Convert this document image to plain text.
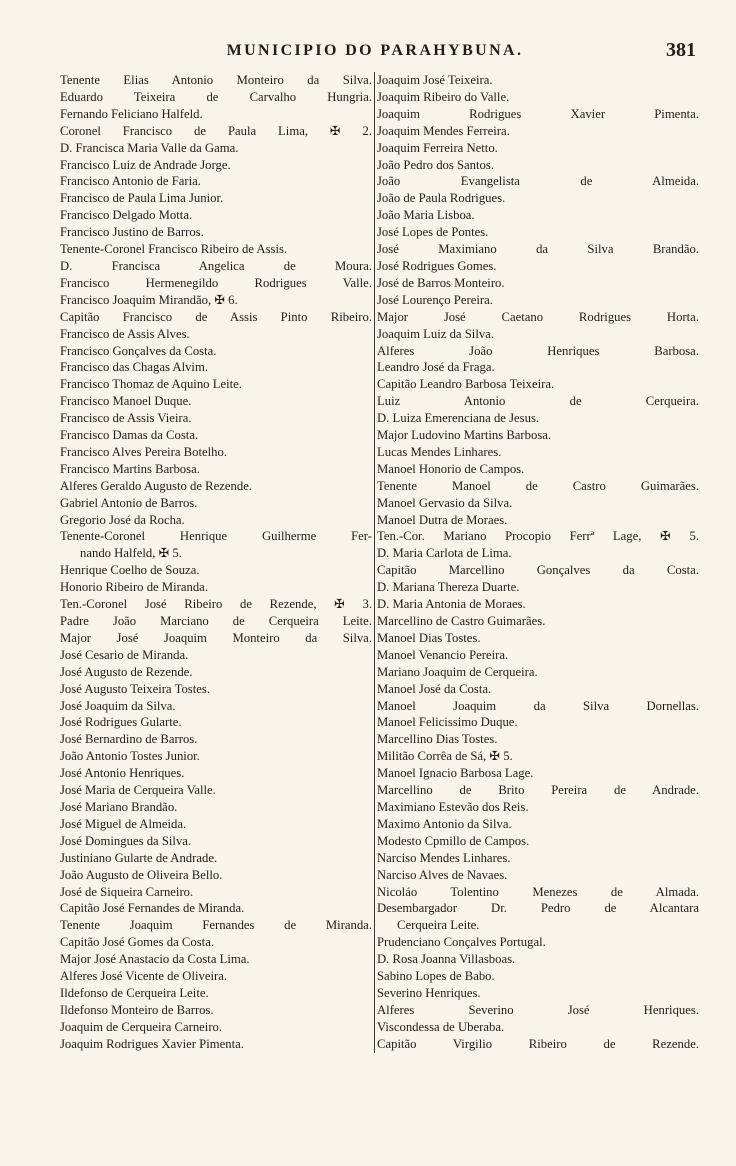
MUNICIPIO DO PARAHYBUNA.	381
Tenente Elias Antonio Monteiro da Silva.
Eduardo Teixeira de Carvalho Hungria.
Fernando Feliciano Halfeld.
Coronel Francisco de Paula Lima, ✠ 2.
D. Francisca Maria Valle da Gama.
Francisco Luiz de Andrade Jorge.
Francisco Antonio de Faria.
Francisco de Paula Lima Junior.
Francisco Delgado Motta.
Francisco Justino de Barros.
Tenente-Coronel Francisco Ribeiro de Assis.
D. Francisca Angelica de Moura.
Francisco Hermenegildo Rodrigues Valle.
Francisco Joaquim Mirandão, ✠ 6.
Capitão Francisco de Assis Pinto Ribeiro.
Francisco de Assis Alves.
Francisco Gonçalves da Costa.
Francisco das Chagas Alvim.
Francisco Thomaz de Aquino Leite.
Francisco Manoel Duque.
Francisco de Assis Vieira.
Francisco Damas da Costa.
Francisco Alves Pereira Botelho.
Francisco Martins Barbosa.
Alferes Geraldo Augusto de Rezende.
Gabriel Antonio de Barros.
Gregorio José da Rocha.
Tenente-Coronel Henrique Guilherme Fer-
nando Halfeld, ✠ 5.
Henrique Coelho de Souza.
Honorio Ribeiro de Miranda.
Ten.-Coronel José Ribeiro de Rezende, ✠ 3.
Padre João Marciano de Cerqueira Leite.
Major José Joaquim Monteiro da Silva.
José Cesario de Miranda.
José Augusto de Rezende.
José Augusto Teixeira Tostes.
José Joaquim da Silva.
José Rodrigues Gularte.
José Bernardino de Barros.
João Antonio Tostes Junior.
José Antonio Henriques.
José Maria de Cerqueira Valle.
José Mariano Brandão.
José Miguel de Almeida.
José Domingues da Silva.
Justiniano Gularte de Andrade.
João Augusto de Oliveira Bello.
José de Siqueira Carneiro.
Capitão José Fernandes de Miranda.
Tenente Joaquim Fernandes de Miranda.
Capitão José Gomes da Costa.
Major José Anastacio da Costa Lima.
Alferes José Vicente de Oliveira.
Ildefonso de Cerqueira Leite.
Ildefonso Monteiro de Barros.
Joaquim de Cerqueira Carneiro.
Joaquim Rodrigues Xavier Pimenta.
Joaquim José Teixeira.
Joaquim Ribeiro do Valle.
Joaquim Rodrigues Xavier Pimenta.
Joaquim Mendes Ferreira.
Joaquim Ferreira Netto.
João Pedro dos Santos.
João Evangelista de Almeida.
João de Paula Rodrigues.
João Maria Lisboa.
José Lopes de Pontes.
José Maximiano da Silva Brandão.
José Rodrigues Gomes.
José de Barros Monteiro.
José Lourenço Pereira.
Major José Caetano Rodrigues Horta.
Joaquim Luiz da Silva.
Alferes João Henriques Barbosa.
Leandro José da Fraga.
Capitão Leandro Barbosa Teixeira.
Luiz Antonio de Cerqueira.
D. Luiza Emerenciana de Jesus.
Major Ludovino Martins Barbosa.
Lucas Mendes Linhares.
Manoel Honorio de Campos.
Tenente Manoel de Castro Guimarães.
Manoel Gervasio da Silva.
Manoel Dutra de Moraes.
Ten.-Cor. Mariano Procopio Ferrª Lage, ✠ 5.
D. Maria Carlota de Lima.
Capitão Marcellino Gonçalves da Costa.
D. Mariana Thereza Duarte.
D. Maria Antonia de Moraes.
Marcellino de Castro Guimarães.
Manoel Dias Tostes.
Manoel Venancio Pereira.
Mariano Joaquim de Cerqueira.
Manoel José da Costa.
Manoel Joaquim da Silva Dornellas.
Manoel Felicissimo Duque.
Marcellino Dias Tostes.
Militão Corrêa de Sá, ✠ 5.
Manoel Ignacio Barbosa Lage.
Marcellino de Brito Pereira de Andrade.
Maximiano Estevão dos Reis.
Maximo Antonio da Silva.
Modesto Cpmillo de Campos.
Narciso Mendes Linhares.
Narciso Alves de Navaes.
Nicoláo Tolentino Menezes de Almada.
Desembargador Dr. Pedro de Alcantara
Cerqueira Leite.
Prudenciano Conçalves Portugal.
D. Rosa Joanna Villasboas.
Sabino Lopes de Babo.
Severino Henriques.
Alferes Severino José Henriques.
Viscondessa de Uberaba.
Capitão Virgilio Ribeiro de Rezende.
